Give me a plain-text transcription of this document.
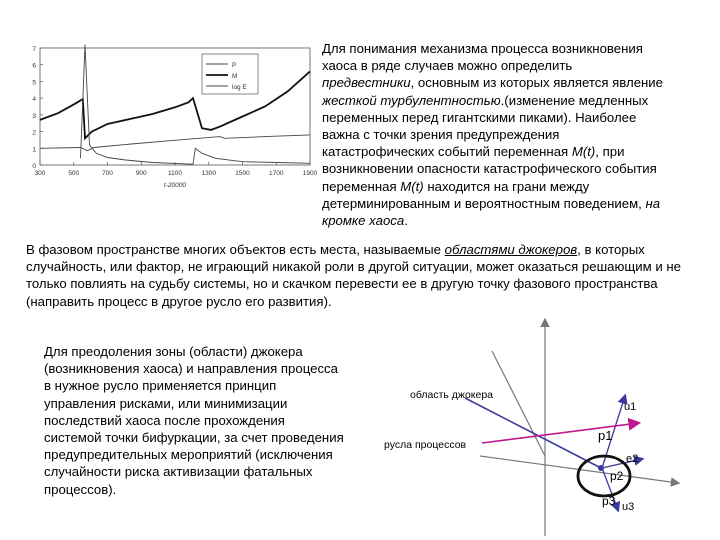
0
1
2
3
4
5
6
7
300	500	700	900	1100	1300	1500	1700	1900
t-20000
P
M
log E
Для понимания механизма процесса возникновения хаоса в ряде случаев можно определить предвестники, основным из которых является явление жесткой турбулентностью.(изменение медленных переменных перед гигантскими пиками). Наиболее важна с точки зрения предупреждения катастрофических событий переменная M(t), при возникновении опасности катастрофического события переменная M(t) находится на грани между детерминированным и вероятностным поведением, на кромке хаоса.
В фазовом пространстве многих объектов есть места, называемые областями джокеров, в которых случайность, или фактор, не играющий никакой роли в другой ситуации, может оказаться решающим и не только повлиять на судьбу системы, но и скачком перевести ее в другую точку фазового пространства (направить процесс в другое русло его развития).
Для преодоления зоны (области) джокера (возникновения хаоса) и направления процесса в нужное русло применяется принцип управления рисками, или минимизации последствий хаоса после прохождения системой точки бифуркации, за счет проведения предупредительных мероприятий (исключения случайности риска активизации фатальных процессов).
область джокера
русла процессов
u1
p1
e2
p2
p3 u3
